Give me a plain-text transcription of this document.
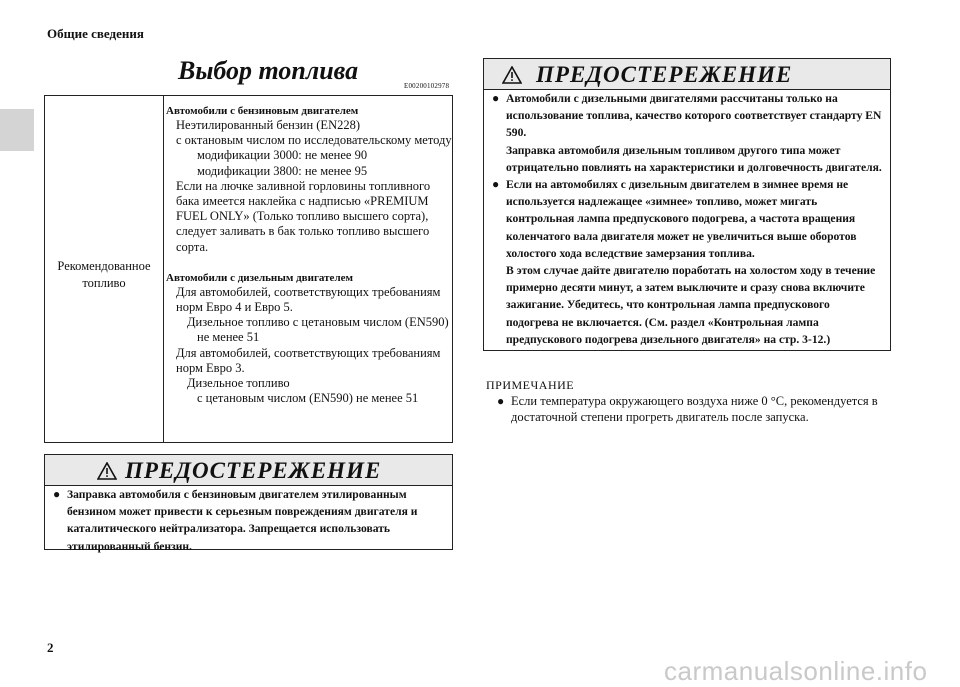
Общие сведения
Выбор топлива
E00200102978
Рекомендованное топливо
Автомобили с бензиновым двигателем
Неэтилированный бензин (EN228)
с октановым числом по исследовательскому методу
модификации 3000: не менее 90
модификации 3800: не менее 95
Если на лючке заливной горловины топливного бака имеется наклейка с надписью «PREMIUM FUEL ONLY» (Только топливо высшего сорта), следует заливать в бак только топливо высшего сорта.
Автомобили с дизельным двигателем
Для автомобилей, соответствующих требованиям норм Евро 4 и Евро 5.
Дизельное топливо с цетановым числом (EN590)
не менее 51
Для автомобилей, соответствующих требованиям норм Евро 3.
Дизельное топливо
с цетановым числом (EN590) не менее 51
ПРЕДОСТЕРЕЖЕНИЕ
● Заправка автомобиля с бензиновым двигателем этилированным бензином может привести к серьезным повреждениям двигателя и каталитического нейтрализатора. Запрещается использовать этилированный бензин.
ПРЕДОСТЕРЕЖЕНИЕ
● Автомобили с дизельными двигателями рассчитаны только на использование топлива, качество которого соответствует стандарту EN 590.
Заправка автомобиля дизельным топливом другого типа может отрицательно повлиять на характеристики и долговечность двигателя.
● Если на автомобилях с дизельным двигателем в зимнее время не используется надлежащее «зимнее» топливо, может мигать контрольная лампа предпускового подогрева, а частота вращения коленчатого вала двигателя может не увеличиться выше оборотов холостого хода вследствие замерзания топлива.
В этом случае дайте двигателю поработать на холостом ходу в течение примерно десяти минут, а затем выключите и сразу снова включите зажигание. Убедитесь, что контрольная лампа предпускового подогрева не включается. (См. раздел «Контрольная лампа предпускового подогрева дизельного двигателя» на стр. 3-12.)
ПРИМЕЧАНИЕ
● Если температура окружающего воздуха ниже 0 °С, рекомендуется в достаточной степени прогреть двигатель после запуска.
2
carmanualsonline.info
